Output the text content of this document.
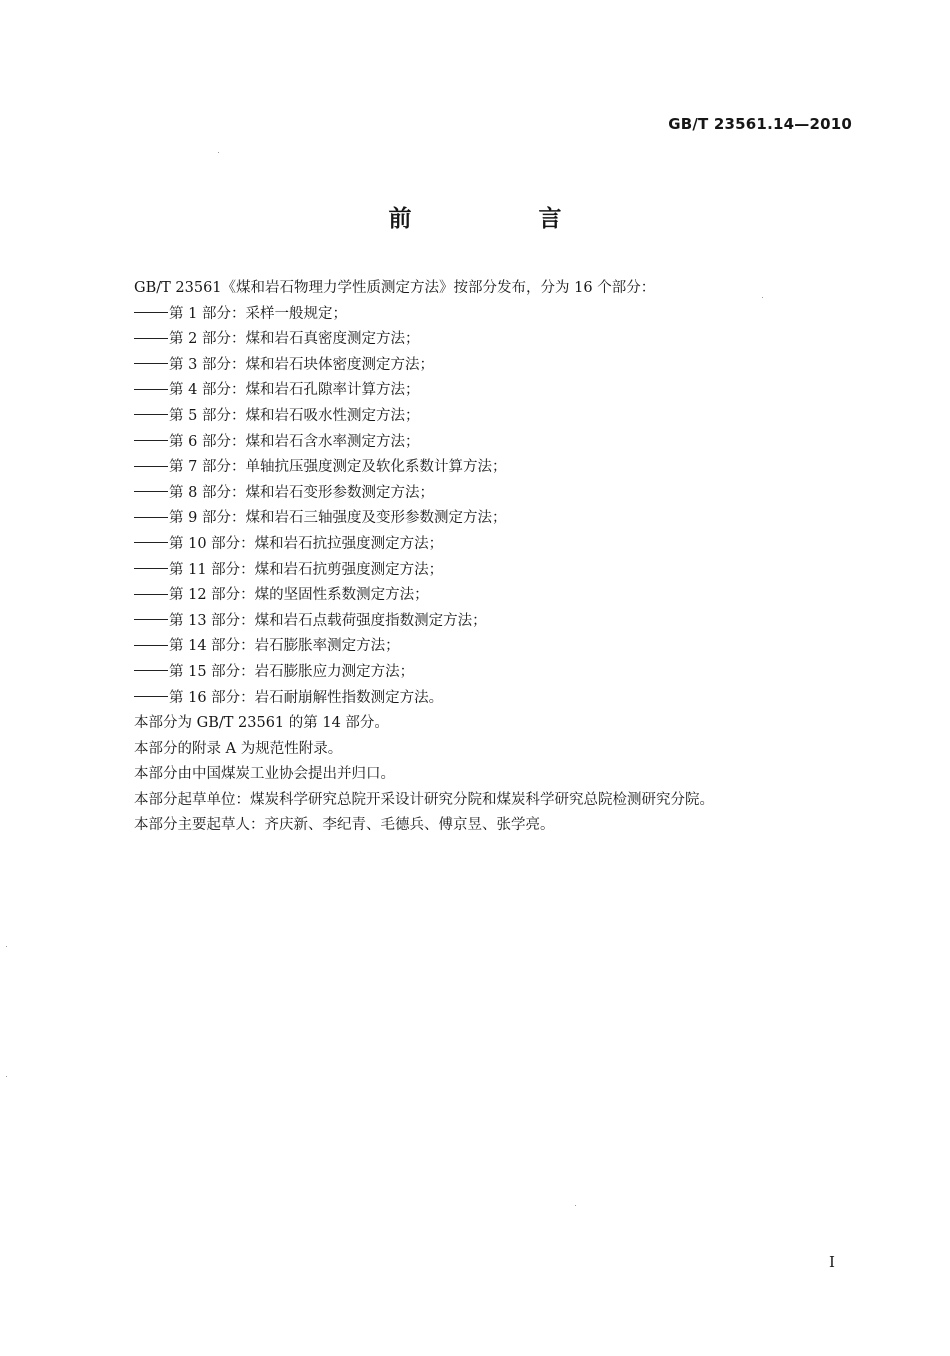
GB/T 23561.14—2010
前　言

GB/T 23561《煤和岩石物理力学性质测定方法》按部分发布，分为 16 个部分：

第 1 部分：采样一般规定；
第 2 部分：煤和岩石真密度测定方法；
第 3 部分：煤和岩石块体密度测定方法；
第 4 部分：煤和岩石孔隙率计算方法；
第 5 部分：煤和岩石吸水性测定方法；
第 6 部分：煤和岩石含水率测定方法；
第 7 部分：单轴抗压强度测定及软化系数计算方法；
第 8 部分：煤和岩石变形参数测定方法；
第 9 部分：煤和岩石三轴强度及变形参数测定方法；
第 10 部分：煤和岩石抗拉强度测定方法；
第 11 部分：煤和岩石抗剪强度测定方法；
第 12 部分：煤的坚固性系数测定方法；
第 13 部分：煤和岩石点载荷强度指数测定方法；
第 14 部分：岩石膨胀率测定方法；
第 15 部分：岩石膨胀应力测定方法；
第 16 部分：岩石耐崩解性指数测定方法。

本部分为 GB/T 23561 的第 14 部分。

本部分的附录 A 为规范性附录。

本部分由中国煤炭工业协会提出并归口。

本部分起草单位：煤炭科学研究总院开采设计研究分院和煤炭科学研究总院检测研究分院。

本部分主要起草人：齐庆新、李纪青、毛德兵、傅京昱、张学亮。

I
